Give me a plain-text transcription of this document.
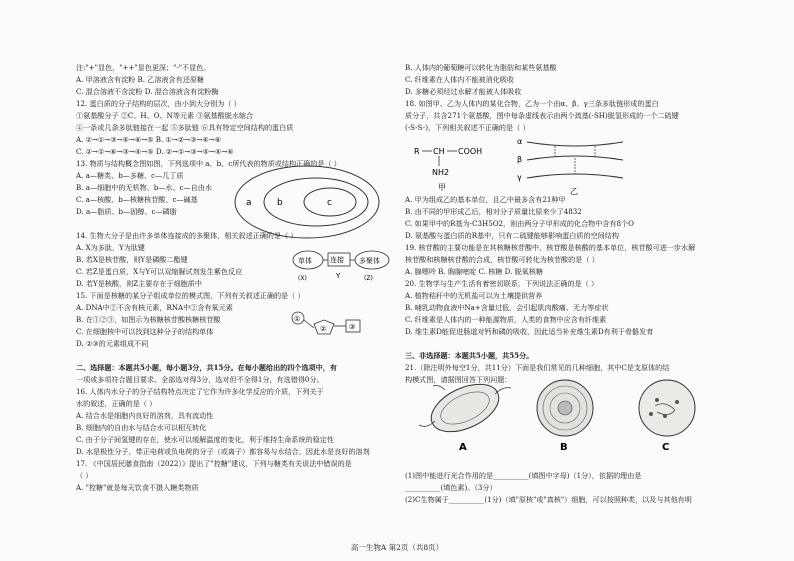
注:"+"显色，"++"显色更深；"-"不显色。
A. 甲溶液含有淀粉 B. 乙溶液含有还原糖
C. 混合溶液不含淀粉 D. 混合溶液含有淀粉酶
12. 蛋白质的分子结构的层次，由小到大分别为（ ）
①氨基酸分子 ②C、H、O、N等元素 ③氨基酸脱水缩合
④一条或几条多肽链接在一起 ⑤多肽链 ⑥具有特定空间结构的蛋白质
A. ②→①→③→④→⑥→⑤ B. ①→②→③→④→⑥
C. ②→①→⑥→③→④→⑤ D. ②→①→③→⑤→④→⑥
13. 物质与结构概念图如图，下列选项中 a、b、c所代表的物质或结构正确的是（ ）
A. a—糖类、b—多糖、c—几丁质
B. a—细胞中的无机物、b—水、c—自由水
C. a—核酸、b—核糖核苷酸、c—碱基
D. a—脂质、b—固醇、c—磷脂
14. 生物大分子是由许多单体连接成的多聚体，相关叙述正确的是（ ）
A. X为多肽，Y为肽键
B. 若X是核苷酸，则Y是磷酸二酯键
C. 若Z是蛋白质，X与Y可以双缩脲试剂发生紫色反应
D. 若Y是核酸，则Z主要存在于细胞质中
15. 下面是核糖的某分子组成单位的模式图，下列有关叙述正确的是（ ）
A. DNA中②不含有核元素，RNA中②含有氧元素
B. 在①②③，如图示为核糖核苷酸核糖核苷酸
C. 在细胞核中可以找到这种分子的结构单体
D. ②③的元素组成不同
二、选择题：本题共5小题，每小题3分，共15分。在每小题给出的四个选项中，有
一项或多项符合题目要求。全部选对得3分，选对但不全得1分，有选错得0分。
16. 人体内水分子的分子结构特点决定了它作为许多化学反应的介质，下列关于
水的叙述，正确的是（ ）
A. 结合水是细胞内良好的溶剂，具有流动性
B. 细胞内的自由水与结合水可以相互转化
C. 由于分子间氢键的存在，使水可以缓解温度的变化，利于维持生命系统的稳定性
D. 水是极性分子，带正电荷或负电荷的分子（或离子）都容易与水结合，因此水是良好的溶剂
17. 《中国居民膳食指南（2022）》提出了"控糖"建议，下列与糖类有关说法中错误的是
（ ）
A. "控糖"就是每天饮食不摄入糖类物质
B. 人体内的葡萄糖可以转化为脂肪和某些氨基酸
C. 纤维素在人体内不能被消化吸收
D. 多糖必须经过水解才能被人体吸收
18. 如图甲、乙为人体内的某化合物，乙为一个由α、β、γ三条多肽链形成的蛋白
质分子，共含271个氨基酸，图中每条虚线表示由两个巯基(-SH)脱氢形成的一个二硫键
(-S-S-)，下列相关叙述不正确的是（ ）
A. 甲为组成乙的基本单位，且乙中最多含有21种甲
B. 由不同的甲形成乙后，相对分子质量比原来少了4832
C. 如果甲中的R基为-C3H5O2，则由两分子甲形成的化合物中含有8个O
D. 氨基酸与蛋白质的R基中，只有二硫键能够影响蛋白质的空间结构
19. 核苷酸的主要功能是在其核糖核苷酸中，核苷酸是核酸的基本单位，核苷酸可进一步水解
核苷酸和核糖核苷酸的合成，核苷酸可转化为核苷酸的是（ ）
A. 腺嘌呤 B. 胸腺嘧啶 C. 核糖 D. 脱氧核糖
20. 生物学与生产生活有着密切联系，下列说法正确的是（ ）
A. 植物秸秆中的无机盐可以为土壤提供营养
B. 哺乳动物血液中Na+含量过低，会引起肌肉酸痛、无力等症状
C. 纤维素是人体内的一种能源物质，人类的食物中应含有纤维素
D. 维生素D能促进肠道对钙和磷的吸收，因此适当补充维生素D有利于骨骼发育
三、非选择题：本题共5小题，共55分。
21.（除注明外每空1分，共11分）下面是我们常见的几种细胞，其中C是支原体的结
构模式图，请据图回答下列问题：
(1)图中能进行光合作用的是__________(填图中字母)（1分），依据的理由是
__________(填色素)。（3分）
(2)C生物属于__________(1分)（填"原核"或"真核"）细胞，可以按照种类，以及与其他有明
a	b	c
单体
(X)
连接
Y
多聚体
(Z)
①
②	③
R CH COOH
NH2
甲
α
β
γ
乙
A	B	C
高一生物A 第2页（共8页）
